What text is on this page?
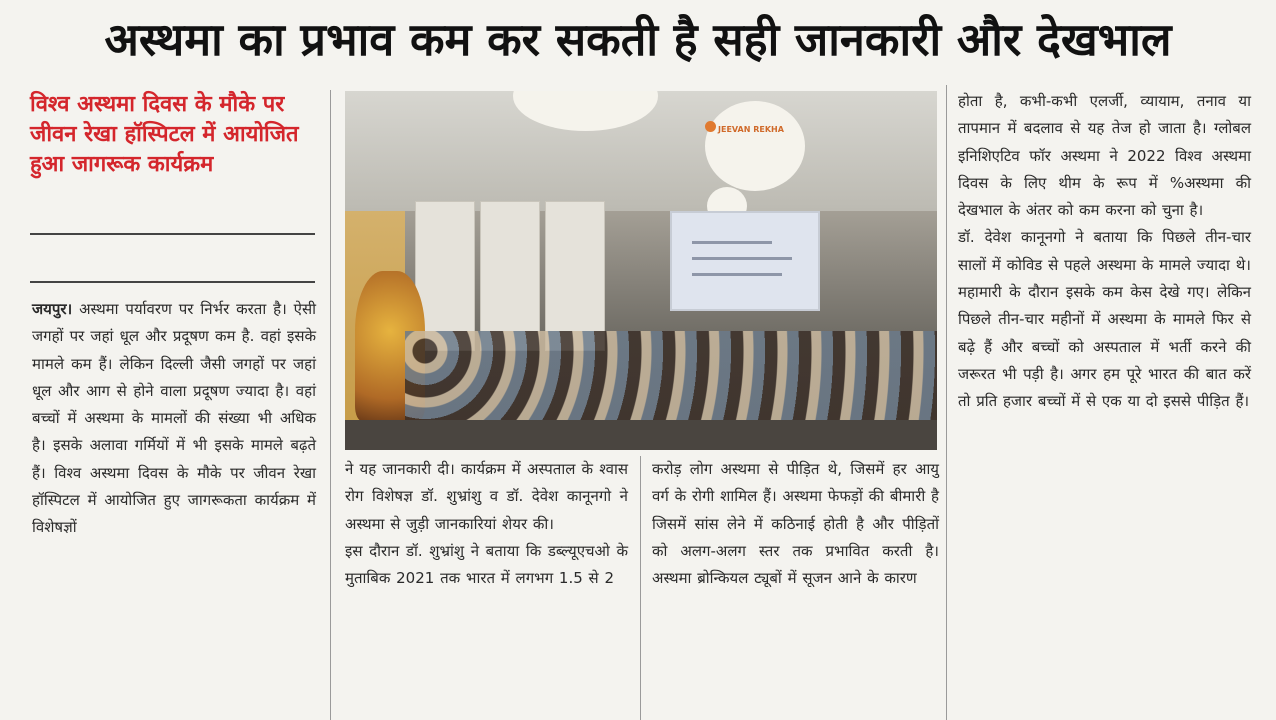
अस्थमा का प्रभाव कम कर सकती है सही जानकारी और देखभाल
विश्व अस्थमा दिवस के मौके पर जीवन रेखा हॉस्पिटल में आयोजित हुआ जागरूक कार्यक्रम
जयपुर। अस्थमा पर्यावरण पर निर्भर करता है। ऐसी जगहों पर जहां धूल और प्रदूषण कम है. वहां इसके मामले कम हैं। लेकिन दिल्ली जैसी जगहों पर जहां धूल और आग से होने वाला प्रदूषण ज्यादा है। वहां बच्चों में अस्थमा के मामलों की संख्या भी अधिक है। इसके अलावा गर्मियों में भी इसके मामले बढ़ते हैं। विश्व अस्थमा दिवस के मौके पर जीवन रेखा हॉस्पिटल में आयोजित हुए जागरूकता कार्यक्रम में विशेषज्ञों
JEEVAN REKHA

ने यह जानकारी दी। कार्यक्रम में अस्पताल के श्वास रोग विशेषज्ञ डॉ. शुभ्रांशु व डॉ. देवेश कानूनगो ने अस्थमा से जुड़ी जानकारियां शेयर की।

इस दौरान डॉ. शुभ्रांशु ने बताया कि डब्ल्यूएचओ के मुताबिक 2021 तक भारत में लगभग 1.5 से 2

करोड़ लोग अस्थमा से पीड़ित थे, जिसमें हर आयु वर्ग के रोगी शामिल हैं। अस्थमा फेफड़ों की बीमारी है जिसमें सांस लेने में कठिनाई होती है और पीड़ितों को अलग-अलग स्तर तक प्रभावित करती है। अस्थमा ब्रोन्कियल ट्यूबों में सूजन आने के कारण

होता है, कभी-कभी एलर्जी, व्यायाम, तनाव या तापमान में बदलाव से यह तेज हो जाता है। ग्लोबल इनिशिएटिव फॉर अस्थमा ने 2022 विश्व अस्थमा दिवस के लिए थीम के रूप में %अस्थमा की देखभाल के अंतर को कम करना को चुना है।

डॉ. देवेश कानूनगो ने बताया कि पिछले तीन-चार सालों में कोविड से पहले अस्थमा के मामले ज्यादा थे। महामारी के दौरान इसके कम केस देखे गए। लेकिन पिछले तीन-चार महीनों में अस्थमा के मामले फिर से बढ़े हैं और बच्चों को अस्पताल में भर्ती करने की जरूरत भी पड़ी है। अगर हम पूरे भारत की बात करें तो प्रति हजार बच्चों में से एक या दो इससे पीड़ित हैं।
